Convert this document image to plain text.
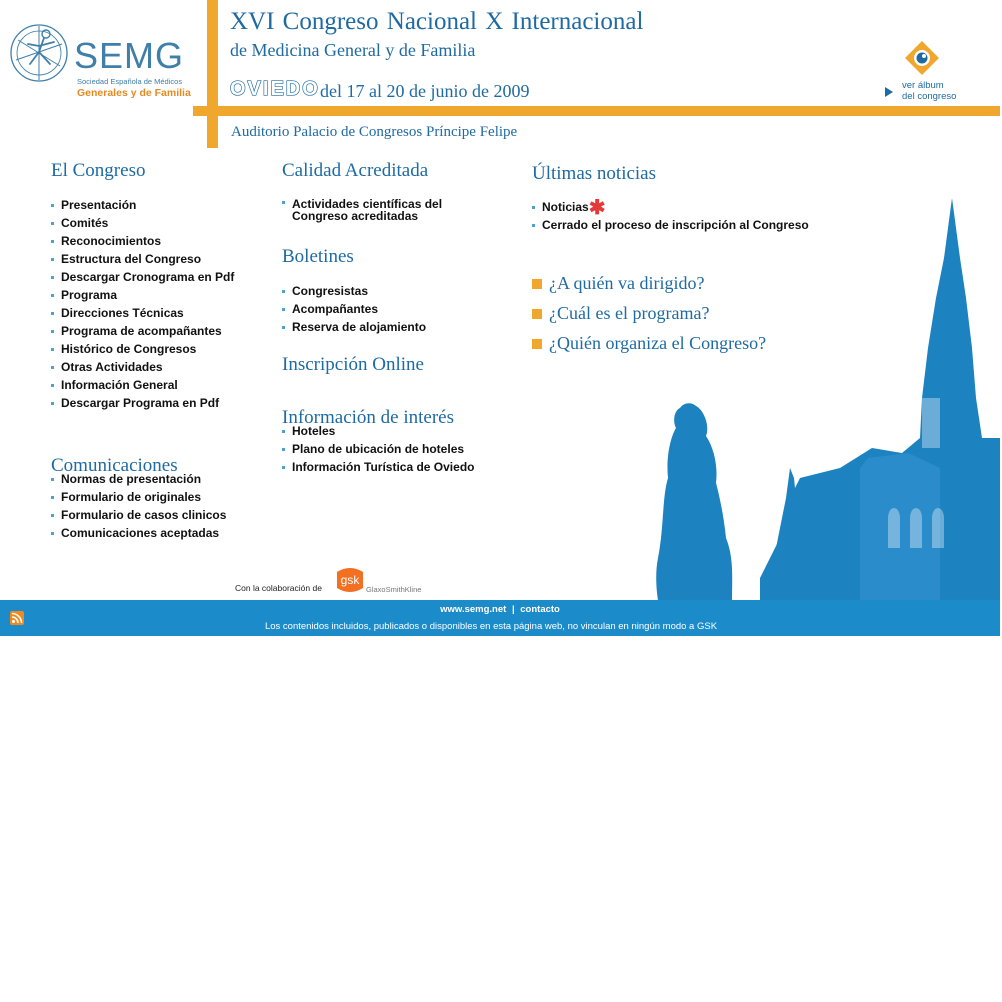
SEMG
Sociedad Española de Médicos
Generales y de Familia
XVI Congreso Nacional X Internacional
de Medicina General y de Familia
OVIEDO del 17 al 20 de junio de 2009
Auditorio Palacio de Congresos Príncipe Felipe
ver álbum
del congreso
El Congreso
Presentación
Comités
Reconocimientos
Estructura del Congreso
Descargar Cronograma en Pdf
Programa
Direcciones Técnicas
Programa de acompañantes
Histórico de Congresos
Otras Actividades
Información General
Descargar Programa en Pdf
Comunicaciones
Normas de presentación
Formulario de originales
Formulario de casos clinicos
Comunicaciones aceptadas
Calidad Acreditada
Actividades científicas del
Congreso acreditadas
Boletines
Congresistas
Acompañantes
Reserva de alojamiento
Inscripción Online
Información de interés
Hoteles
Plano de ubicación de hoteles
Información Turística de Oviedo
Últimas noticias
Noticias✱
Cerrado el proceso de inscripción al Congreso
¿A quién va dirigido?
¿Cuál es el programa?
¿Quién organiza el Congreso?
Con la colaboración de
gsk
GlaxoSmithKline
www.semg.net | contacto
Los contenidos incluidos, publicados o disponibles en esta página web, no vinculan en ningún modo a GSK
